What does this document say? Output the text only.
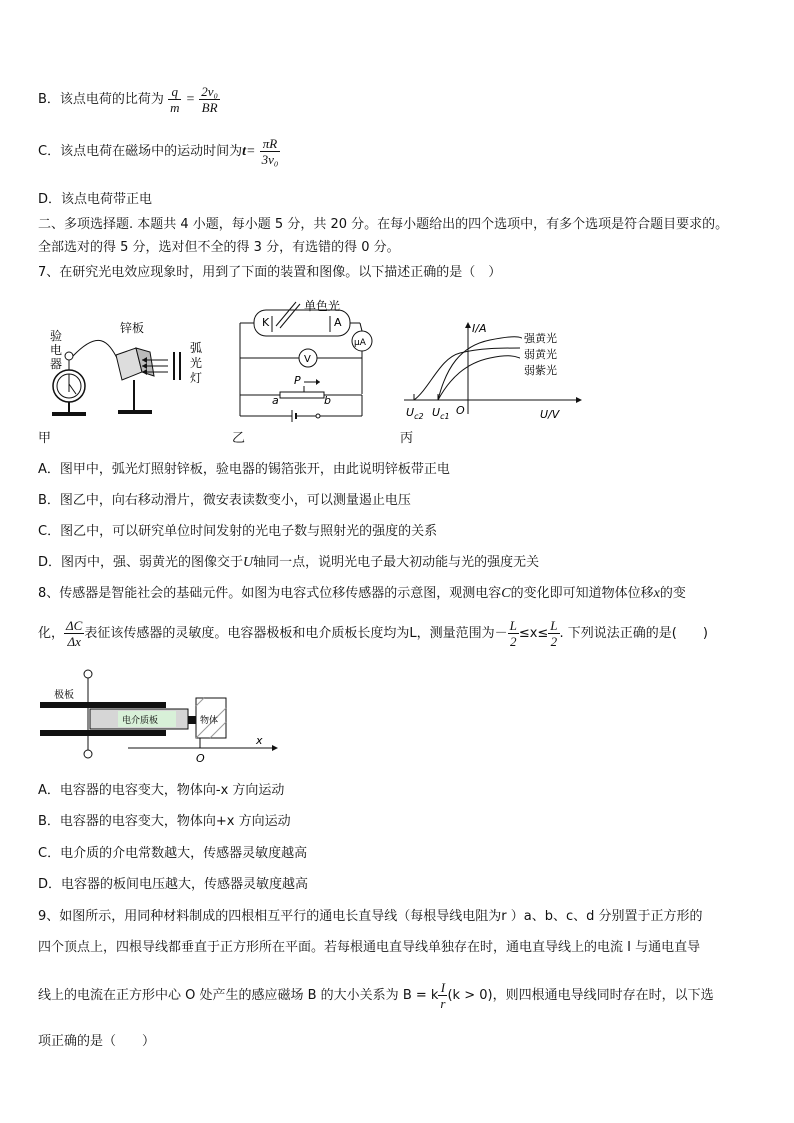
B．该点电荷的比荷为 $\frac{q}{m} = \frac{\text{2v₀}}{BR}$
C．该点电荷在磁场中的运动时间为$t= \frac{\pi R}{\text{3v₀}}$
D．该点电荷带正电
二、多项选择题. 本题共 4 小题，每小题 5 分，共 20 分。在每小题给出的四个选项中，有多个选项是符合题目要求的。
全部选对的得 5 分，选对但不全的得 3 分，有选错的得 0 分。
7、在研究光电效应现象时，用到了下面的装置和图像。以下描述正确的是（　）
验
电
器
锌板
弧
光
灯
甲
单色光
K	A
μA
V
P
a	b
乙
I/A
U/V
O
$U_{c2}$ $U_{c1}$
强黄光
弱黄光
弱紫光
丙
A．图甲中，弧光灯照射锌板，验电器的锡箔张开，由此说明锌板带正电
B．图乙中，向右移动滑片，微安表读数变小，可以测量遏止电压
C．图乙中，可以研究单位时间发射的光电子数与照射光的强度的关系
D．图丙中，强、弱黄光的图像交于U轴同一点，说明光电子最大初动能与光的强度无关
8、传感器是智能社会的基础元件。如图为电容式位移传感器的示意图，观测电容C的变化即可知道物体位移x的变
化， $\frac{\Delta C}{\Delta x}$ 表征该传感器的灵敏度。电容器极板和电介质板长度均为L，测量范围为－ $\frac{L}{2} \le x\le \frac{L}{2}$ . 下列说法正确的是(　　)
极板
电介质板	物体
x
O
A．电容器的电容变大，物体向-x 方向运动
B．电容器的电容变大，物体向+x 方向运动
C．电介质的介电常数越大，传感器灵敏度越高
D．电容器的板间电压越大，传感器灵敏度越高
9、如图所示，用同种材料制成的四根相互平行的通电长直导线（每根导线电阻为r ）a、b、c、d 分别置于正方形的
四个顶点上，四根导线都垂直于正方形所在平面。若每根通电直导线单独存在时，通电直导线上的电流 I 与通电直导
线上的电流在正方形中心 O 处产生的感应磁场 B 的大小关系为 B = k $\frac{I}{r} (k > 0)$，则四根通电导线同时存在时，以下选
项正确的是（　　）
